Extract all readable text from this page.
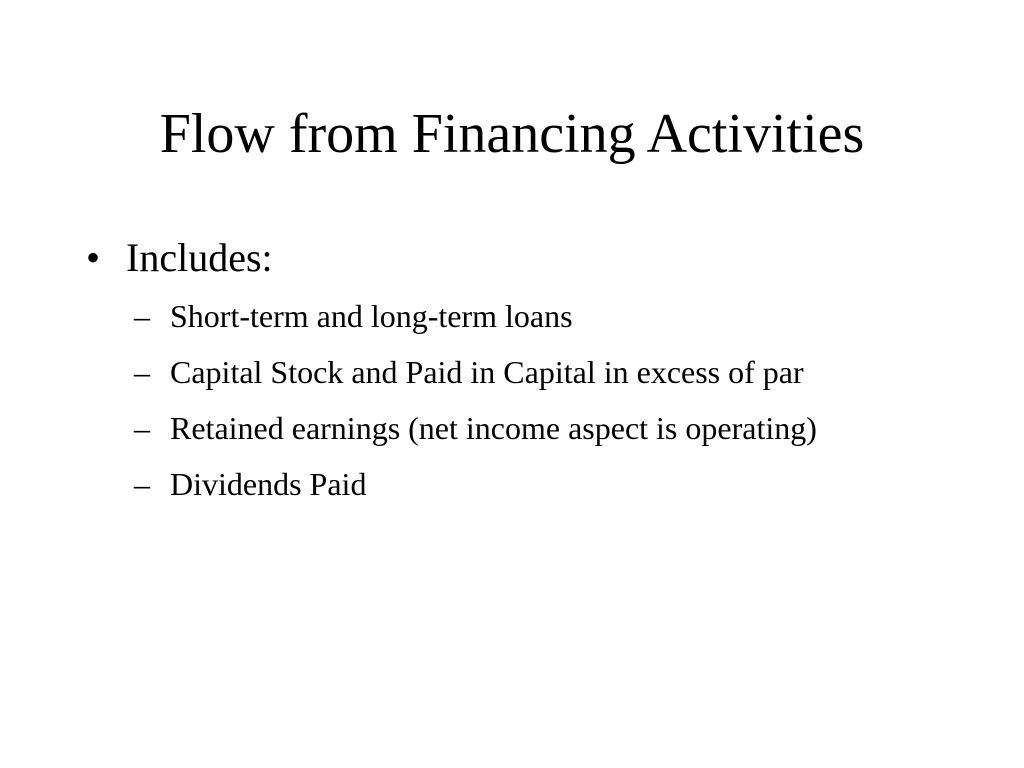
Flow from Financing Activities
• Includes:
– Short-term and long-term loans
– Capital Stock and Paid in Capital in excess of par
– Retained earnings (net income aspect is operating)
– Dividends Paid
